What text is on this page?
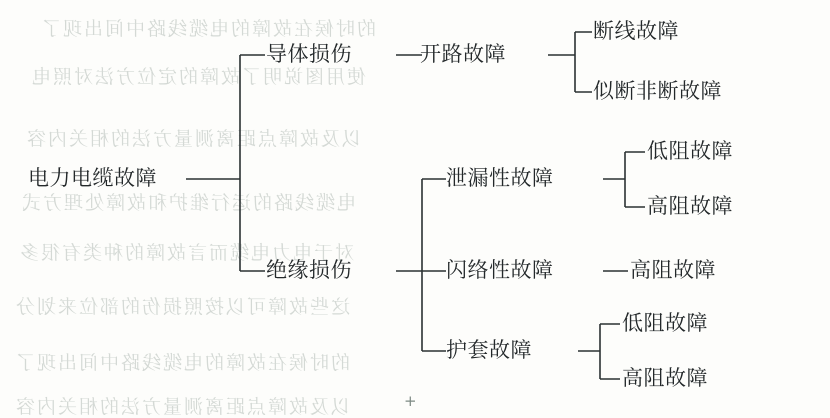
的时候在故障的电缆线路中间出现了
使用图说明了故障的定位方法对照电
以及故障点距离测量方法的相关内容
电缆线路的运行维护和故障处理方式
对于电力电缆而言故障的种类有很多
这些故障可以按照损伤的部位来划分
的时候在故障的电缆线路中间出现了
以及故障点距离测量方法的相关内容
电力电缆故障
导体损伤	开路故障
断线故障
似断非断故障
绝缘损伤
泄漏性故障
低阻故障
高阻故障
闪络性故障	高阻故障
护套故障
低阻故障
高阻故障
+
